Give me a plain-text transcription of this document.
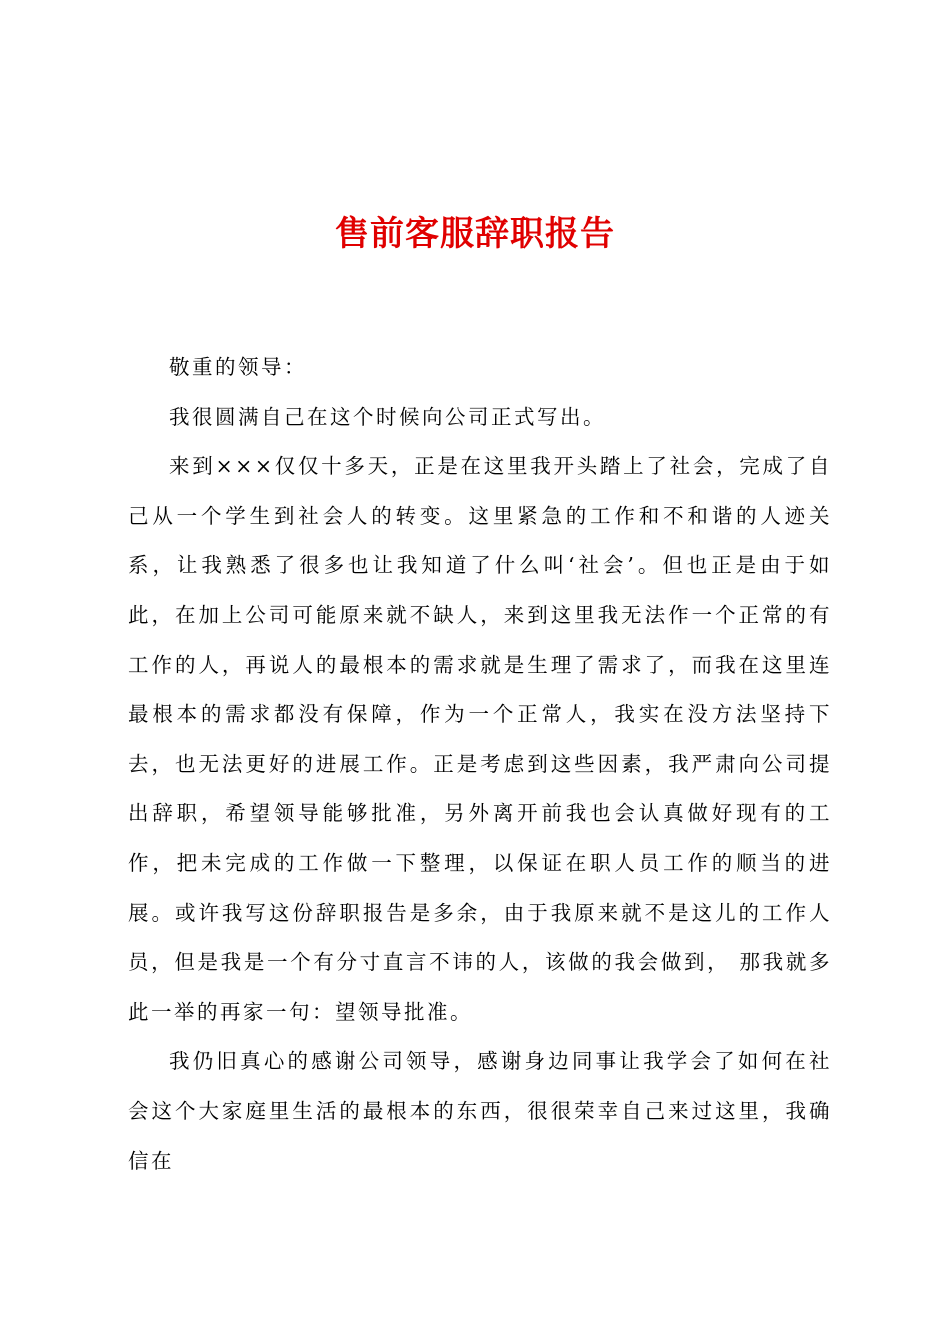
售前客服辞职报告

敬重的领导：

我很圆满自己在这个时候向公司正式写出。

来到×××仅仅十多天，正是在这里我开头踏上了社会，完成了自己从一个学生到社会人的转变。这里紧急的工作和不和谐的人迹关系，让我熟悉了很多也让我知道了什么叫‘社会’。但也正是由于如此，在加上公司可能原来就不缺人，来到这里我无法作一个正常的有工作的人，再说人的最根本的需求就是生理了需求了，而我在这里连最根本的需求都没有保障，作为一个正常人，我实在没方法坚持下去，也无法更好的进展工作。正是考虑到这些因素，我严肃向公司提出辞职，希望领导能够批准，另外离开前我也会认真做好现有的工作，把未完成的工作做一下整理，以保证在职人员工作的顺当的进展。或许我写这份辞职报告是多余，由于我原来就不是这儿的工作人员，但是我是一个有分寸直言不讳的人，该做的我会做到， 那我就多此一举的再家一句：望领导批准。

我仍旧真心的感谢公司领导，感谢身边同事让我学会了如何在社会这个大家庭里生活的最根本的东西，很很荣幸自己来过这里，我确信在
